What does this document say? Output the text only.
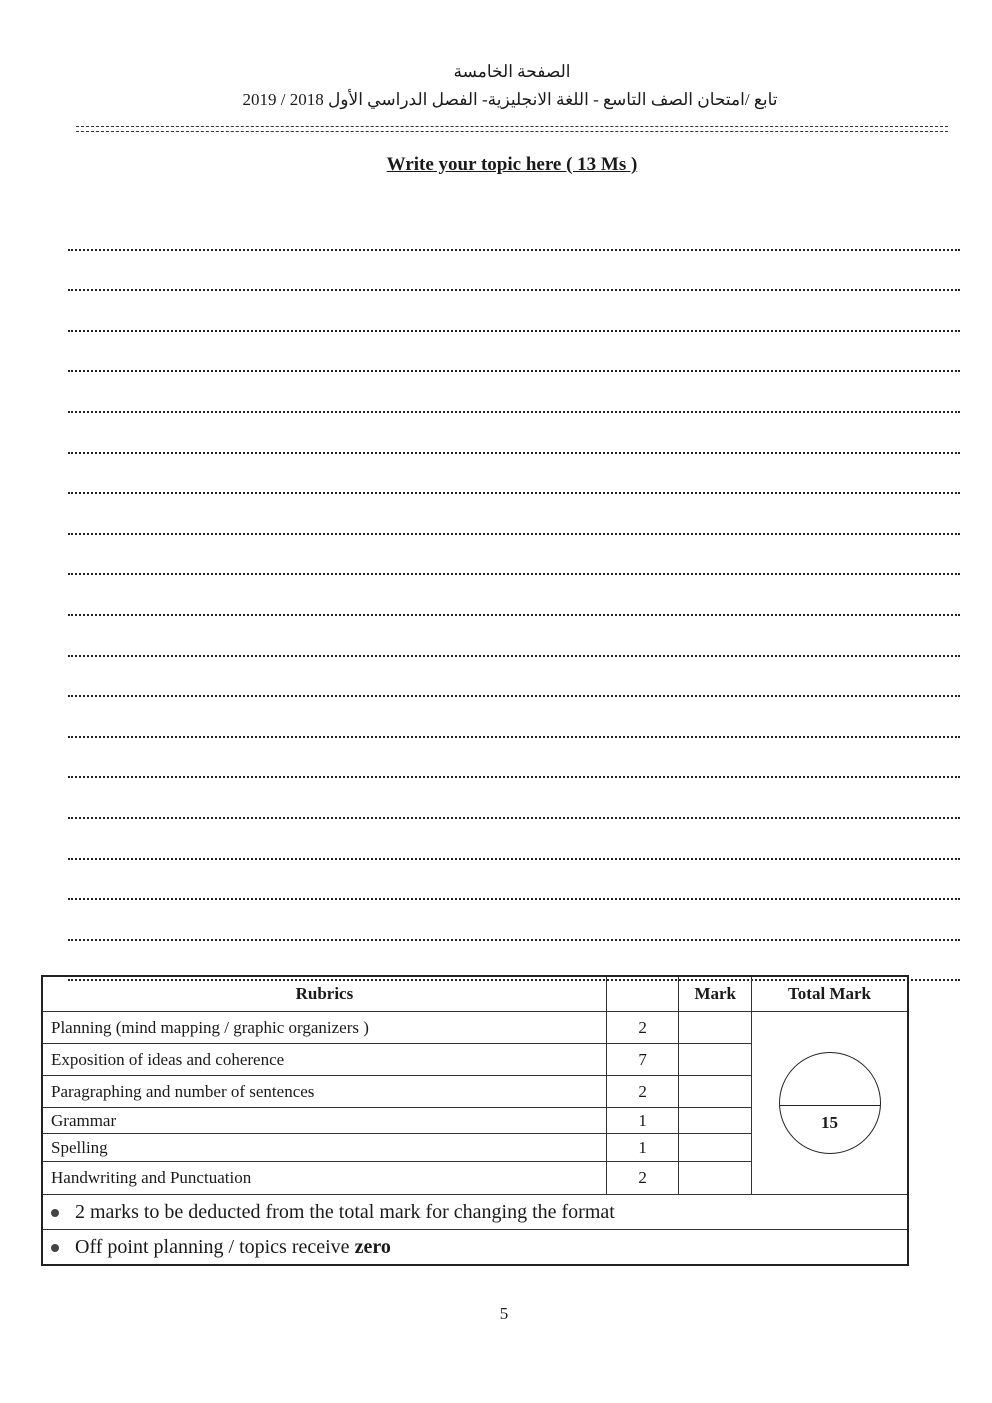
الصفحة الخامسة
تابع /امتحان الصف التاسع - اللغة الانجليزية- الفصل الدراسي الأول 2018 / 2019
Write your topic here ( 13 Ms )
Rubrics		Mark	Total Mark
Planning (mind mapping / graphic organizers )	2		15

Exposition of ideas and coherence	7		
Paragraphing and number of sentences	2		
Grammar	1		
Spelling	1		
Handwriting and Punctuation	2		
2 marks to be deducted from the total mark for changing the format			
Off point planning / topics receive zero			
5
